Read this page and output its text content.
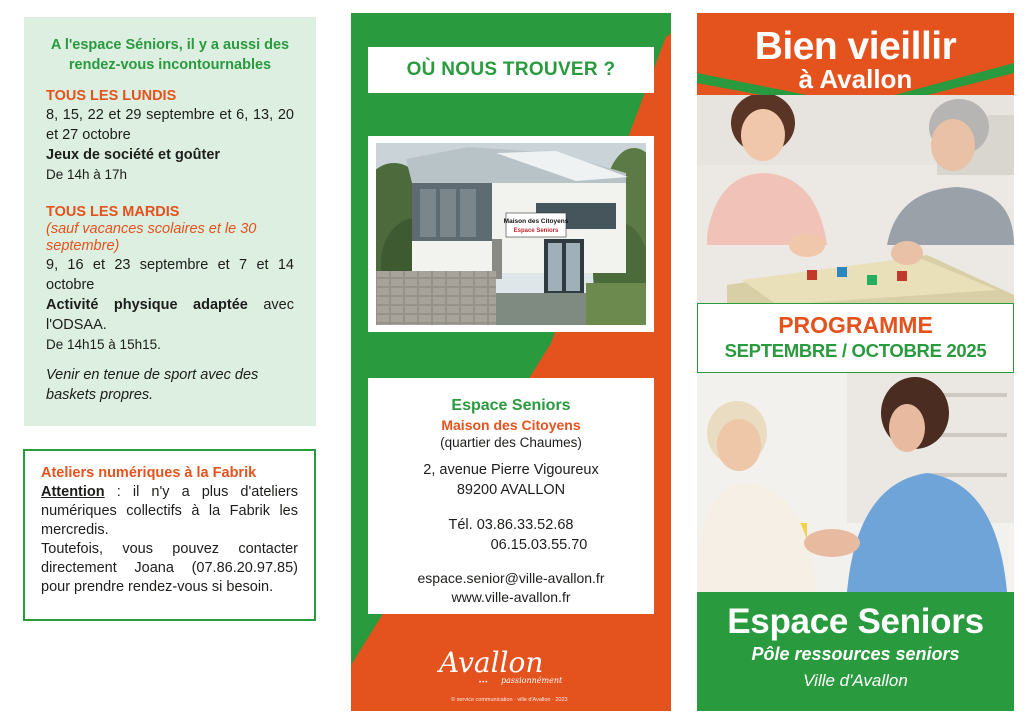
A l'espace Séniors, il y a aussi des rendez-vous incontournables
TOUS LES LUNDIS
8, 15, 22 et 29 septembre et 6, 13, 20 et 27 octobre
Jeux de société et goûter
De 14h à 17h
TOUS LES MARDIS
(sauf vacances scolaires et le 30 septembre)
9, 16 et 23 septembre et 7 et 14 octobre
Activité physique adaptée avec l'ODSAA.
De 14h15 à 15h15.
Venir en tenue de sport avec des baskets propres.
Ateliers numériques à la Fabrik
Attention : il n'y a plus d'ateliers numériques collectifs à la Fabrik les mercredis.
Toutefois, vous pouvez contacter directement Joana (07.86.20.97.85) pour prendre rendez-vous si besoin.
OÙ NOUS TROUVER ?
Maison des Citoyens
Espace Seniors
Espace Seniors
Maison des Citoyens
(quartier des Chaumes)
2, avenue Pierre Vigoureux
89200 AVALLON
Tél. 03.86.33.52.68
06.15.03.55.70
espace.senior@ville-avallon.fr
www.ville-avallon.fr
Avallon
••• passionnément
© service communication · ville d'Avallon · 2023
Bien vieillir
à Avallon
PROGRAMME
SEPTEMBRE / OCTOBRE 2025
Espace Seniors
Pôle ressources seniors
Ville d'Avallon
